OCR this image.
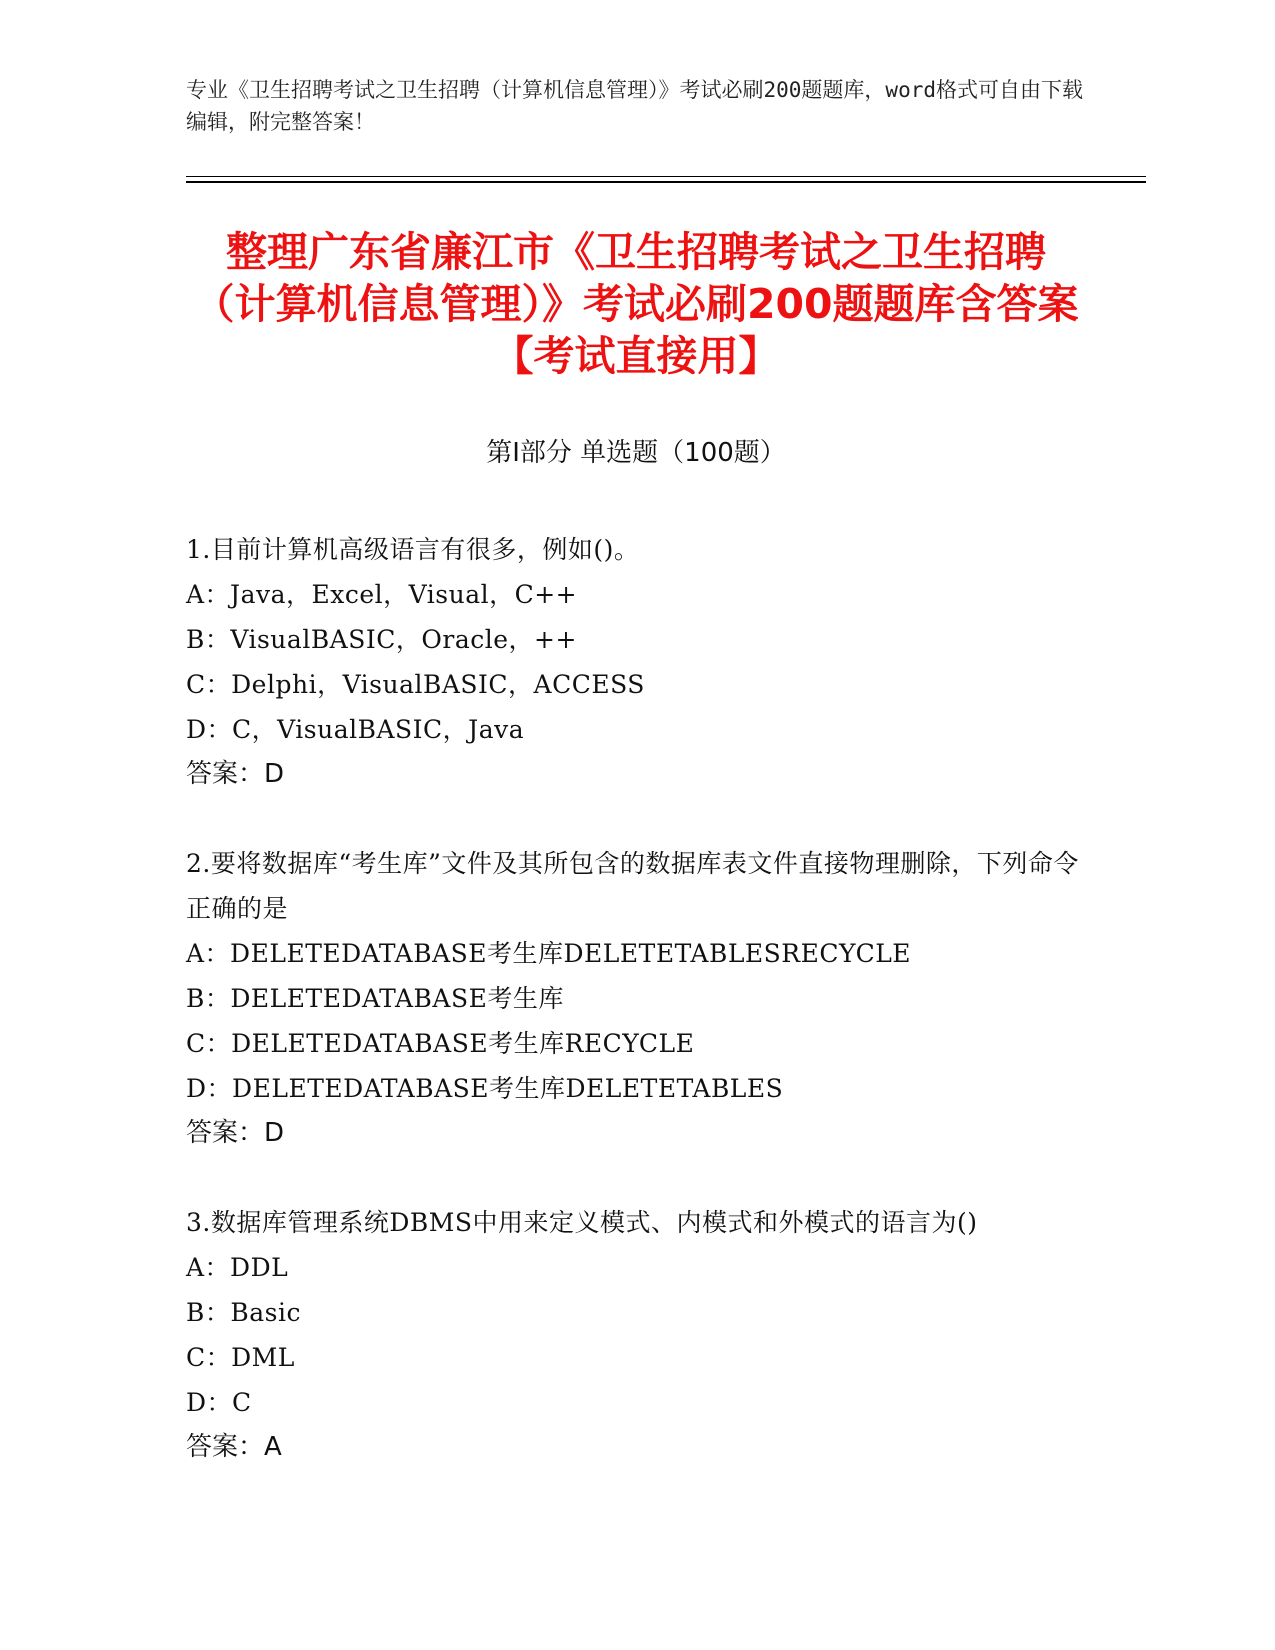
专业《卫生招聘考试之卫生招聘（计算机信息管理）》考试必刷200题题库，word格式可自由下载编辑，附完整答案！
整理广东省廉江市《卫生招聘考试之卫生招聘（计算机信息管理）》考试必刷200题题库含答案【考试直接用】
第Ⅰ部分 单选题（100题）
1.目前计算机高级语言有很多，例如()。
A：Java，Excel，Visual，C++
B：VisualBASIC，Oracle，++
C：Delphi，VisualBASIC，ACCESS
D：C，VisualBASIC，Java
答案：D
2.要将数据库“考生库”文件及其所包含的数据库表文件直接物理删除，下列命令正确的是
A：DELETEDATABASE考生库DELETETABLESRECYCLE
B：DELETEDATABASE考生库
C：DELETEDATABASE考生库RECYCLE
D：DELETEDATABASE考生库DELETETABLES
答案：D
3.数据库管理系统DBMS中用来定义模式、内模式和外模式的语言为()
A：DDL
B：Basic
C：DML
D：C
答案：A
